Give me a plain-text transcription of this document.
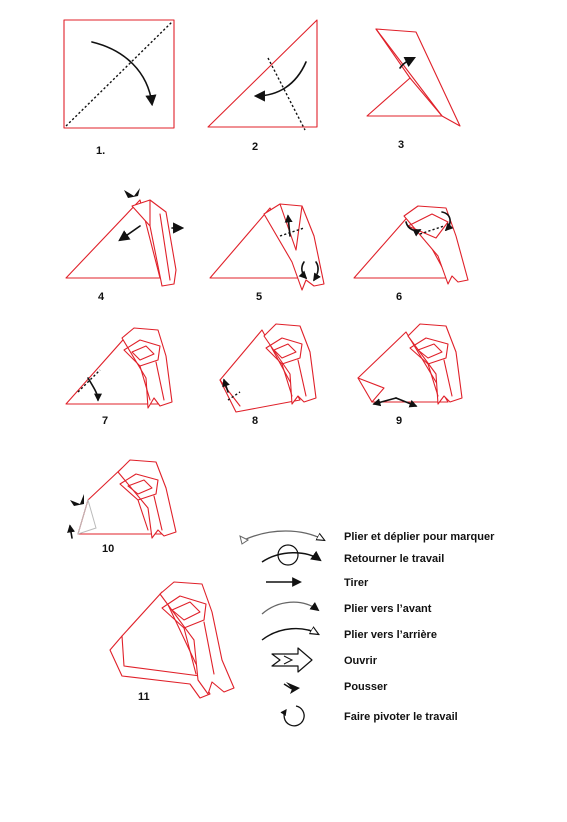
1.	2	3
4	5	6
7	8	9
10
11
Plier et déplier pour marquer
Retourner le travail
Tirer
Plier vers l’avant
Plier vers l’arrière
Ouvrir
Pousser
Faire pivoter le travail
